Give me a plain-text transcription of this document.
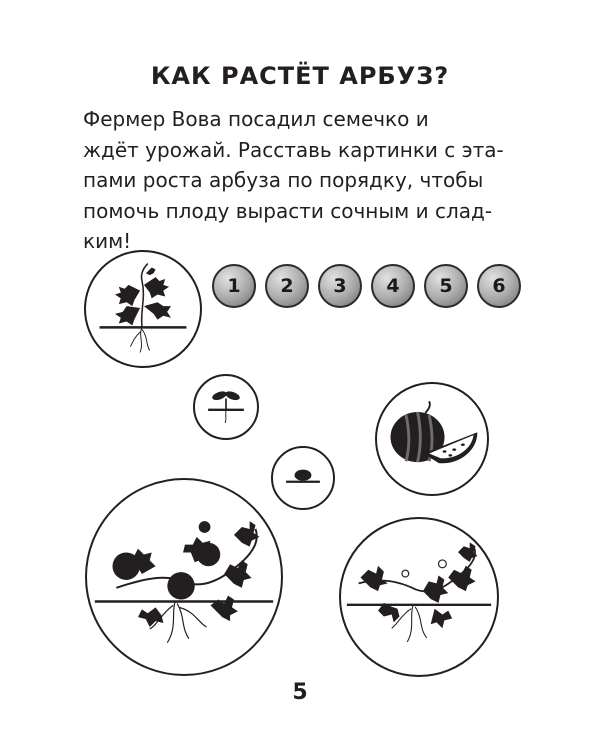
КАК РАСТЁТ АРБУЗ?
Фермер Вова посадил семечко и
ждёт урожай. Расставь картинки с эта-
пами роста арбуза по порядку, чтобы
помочь плоду вырасти сочным и слад-
ким!
1	2	3	4	5	6
5
